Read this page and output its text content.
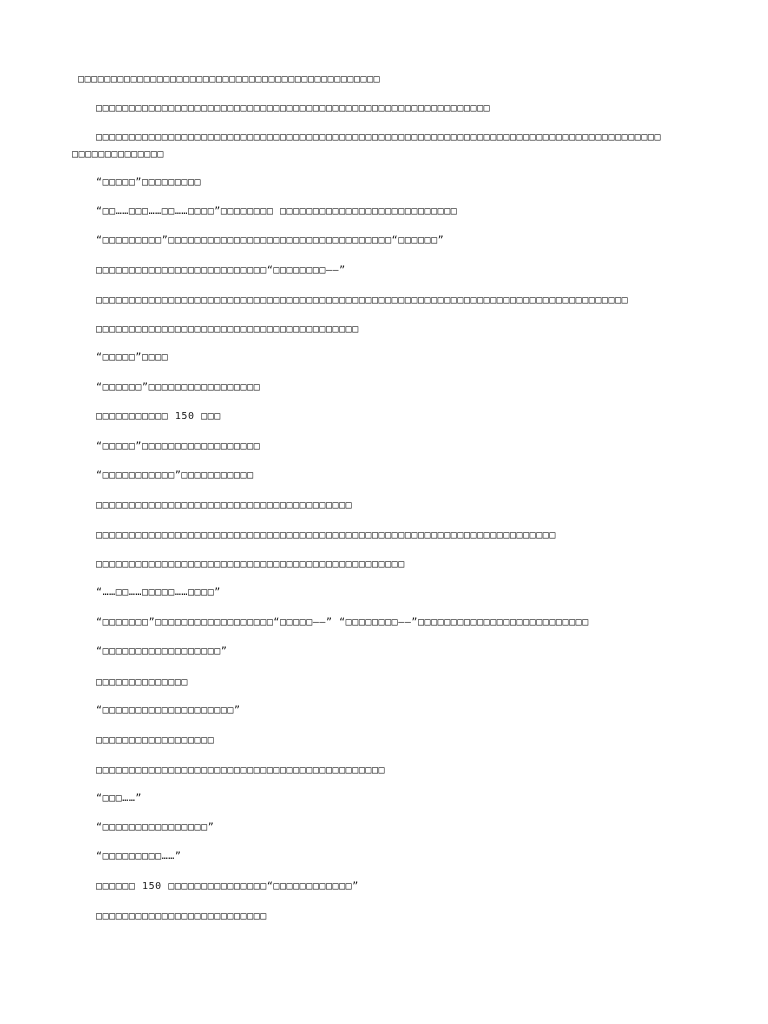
□□□□□□□□□□□□□□□□□□□□□□□□□□□□□□□□□□□□□□□□□□□□□□

□□□□□□□□□□□□□□□□□□□□□□□□□□□□□□□□□□□□□□□□□□□□□□□□□□□□□□□□□□□□

□□□□□□□□□□□□□□□□□□□□□□□□□□□□□□□□□□□□□□□□□□□□□□□□□□□□□□□□□□□□□□□□□□□□□□□□□□□□□□□□□□□□□□

□□□□□□□□□□□□□□

“□□□□□”□□□□□□□□□

“□□……□□□……□□……□□□□”□□□□□□□□ □□□□□□□□□□□□□□□□□□□□□□□□□□□

“□□□□□□□□□”□□□□□□□□□□□□□□□□□□□□□□□□□□□□□□□□□□“□□□□□□”

□□□□□□□□□□□□□□□□□□□□□□□□□□“□□□□□□□□——”

□□□□□□□□□□□□□□□□□□□□□□□□□□□□□□□□□□□□□□□□□□□□□□□□□□□□□□□□□□□□□□□□□□□□□□□□□□□□□□□□□

□□□□□□□□□□□□□□□□□□□□□□□□□□□□□□□□□□□□□□□□

“□□□□□”□□□□

“□□□□□□”□□□□□□□□□□□□□□□□□

□□□□□□□□□□□ 150 □□□

“□□□□□”□□□□□□□□□□□□□□□□□□

“□□□□□□□□□□□”□□□□□□□□□□□

□□□□□□□□□□□□□□□□□□□□□□□□□□□□□□□□□□□□□□□

□□□□□□□□□□□□□□□□□□□□□□□□□□□□□□□□□□□□□□□□□□□□□□□□□□□□□□□□□□□□□□□□□□□□□□

□□□□□□□□□□□□□□□□□□□□□□□□□□□□□□□□□□□□□□□□□□□□□□□

“……□□……□□□□□……□□□□”

“□□□□□□□”□□□□□□□□□□□□□□□□□□“□□□□□——” “□□□□□□□□——”□□□□□□□□□□□□□□□□□□□□□□□□□□

“□□□□□□□□□□□□□□□□□□”

□□□□□□□□□□□□□□

“□□□□□□□□□□□□□□□□□□□□”

□□□□□□□□□□□□□□□□□□

□□□□□□□□□□□□□□□□□□□□□□□□□□□□□□□□□□□□□□□□□□□□

“□□□……”

“□□□□□□□□□□□□□□□□”

“□□□□□□□□□……”

□□□□□□ 150 □□□□□□□□□□□□□□□“□□□□□□□□□□□□”

□□□□□□□□□□□□□□□□□□□□□□□□□□
